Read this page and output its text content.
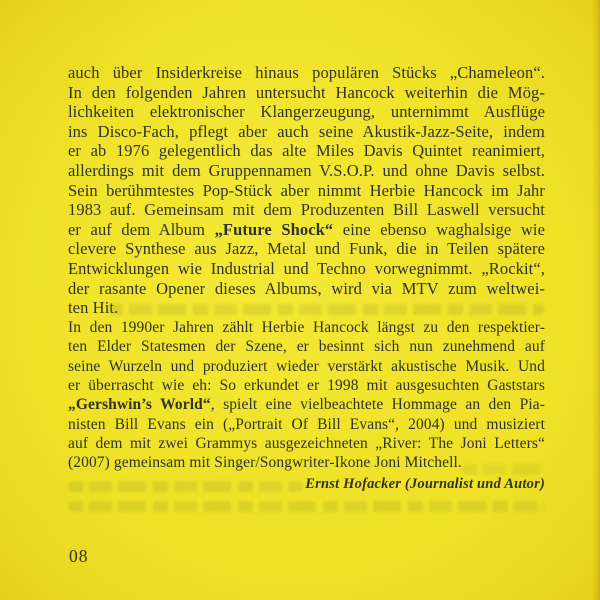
auch über Insiderkreise hinaus populären Stücks „Chameleon“.
In den folgenden Jahren untersucht Hancock weiterhin die Mög-
lichkeiten elektronischer Klangerzeugung, unternimmt Ausflüge
ins Disco-Fach, pflegt aber auch seine Akustik-Jazz-Seite, indem
er ab 1976 gelegentlich das alte Miles Davis Quintet reanimiert,
allerdings mit dem Gruppennamen V.S.O.P. und ohne Davis selbst.
Sein berühmtestes Pop-Stück aber nimmt Herbie Hancock im Jahr
1983 auf. Gemeinsam mit dem Produzenten Bill Laswell versucht
er auf dem Album „Future Shock“ eine ebenso waghalsige wie
clevere Synthese aus Jazz, Metal und Funk, die in Teilen spätere
Entwicklungen wie Industrial und Techno vorwegnimmt. „Rockit“,
der rasante Opener dieses Albums, wird via MTV zum weltwei-
ten Hit.
In den 1990er Jahren zählt Herbie Hancock längst zu den respektier-
ten Elder Statesmen der Szene, er besinnt sich nun zunehmend auf
seine Wurzeln und produziert wieder verstärkt akustische Musik. Und
er überrascht wie eh: So erkundet er 1998 mit ausgesuchten Gaststars
„Gershwin’s World“, spielt eine vielbeachtete Hommage an den Pia-
nisten Bill Evans ein („Portrait Of Bill Evans“, 2004) und musiziert
auf dem mit zwei Grammys ausgezeichneten „River: The Joni Letters“
(2007) gemeinsam mit Singer/Songwriter-Ikone Joni Mitchell.
Ernst Hofacker (Journalist und Autor)
08
